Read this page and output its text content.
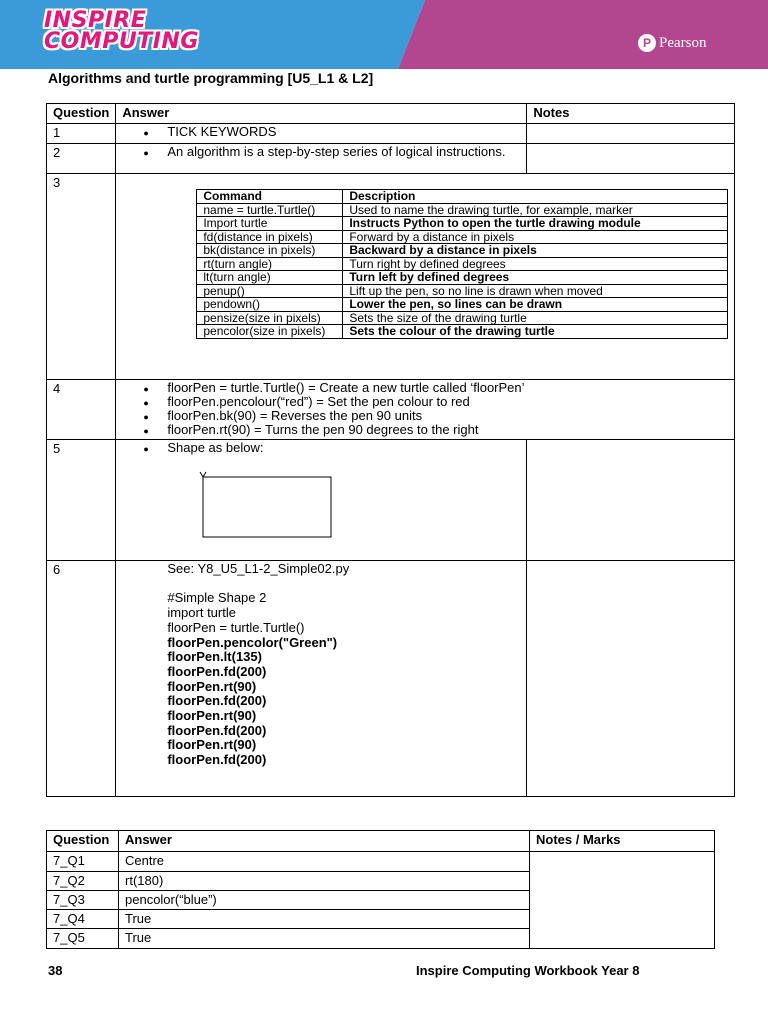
INSPIRE
COMPUTING	P Pearson
Algorithms and turtle programming [U5_L1 & L2]
Question	Answer	Notes
1	
●TICK KEYWORDS

2	
●An algorithm is a step-by-step series of logical instructions.

3	
Command	Description
name = turtle.Turtle()	Used to name the drawing turtle, for example, marker
Import turtle	Instructs Python to open the turtle drawing module
fd(distance in pixels)	Forward by a distance in pixels
bk(distance in pixels)	Backward by a distance in pixels
rt(turn angle)	Turn right by defined degrees
lt(turn angle)	Turn left by defined degrees
penup()	Lift up the pen, so no line is drawn when moved
pendown()	Lower the pen, so lines can be drawn
pensize(size in pixels)	Sets the size of the drawing turtle
pencolor(size in pixels)	Sets the colour of the drawing turtle

4	
●floorPen = turtle.Turtle() = Create a new turtle called ‘floorPen’
● floorPen.pencolour(“red”) = Set the pen colour to red
● floorPen.bk(90) = Reverses the pen 90 units
● floorPen.rt(90) = Turns the pen 90 degrees to the right

5	
●Shape as below:

6	See: Y8_U5_L1-2_Simple02.py
#Simple Shape 2
import turtle
floorPen = turtle.Turtle()
floorPen.pencolor("Green")
floorPen.lt(135)
floorPen.fd(200)
floorPen.rt(90)
floorPen.fd(200)
floorPen.rt(90)
floorPen.fd(200)
floorPen.rt(90)
floorPen.fd(200)

Question	Answer	Notes / Marks
7_Q1	Centre	
7_Q2	rt(180)	
7_Q3	pencolor(“blue”)	
7_Q4	True	
7_Q5	True	
38	Inspire Computing Workbook Year 8
